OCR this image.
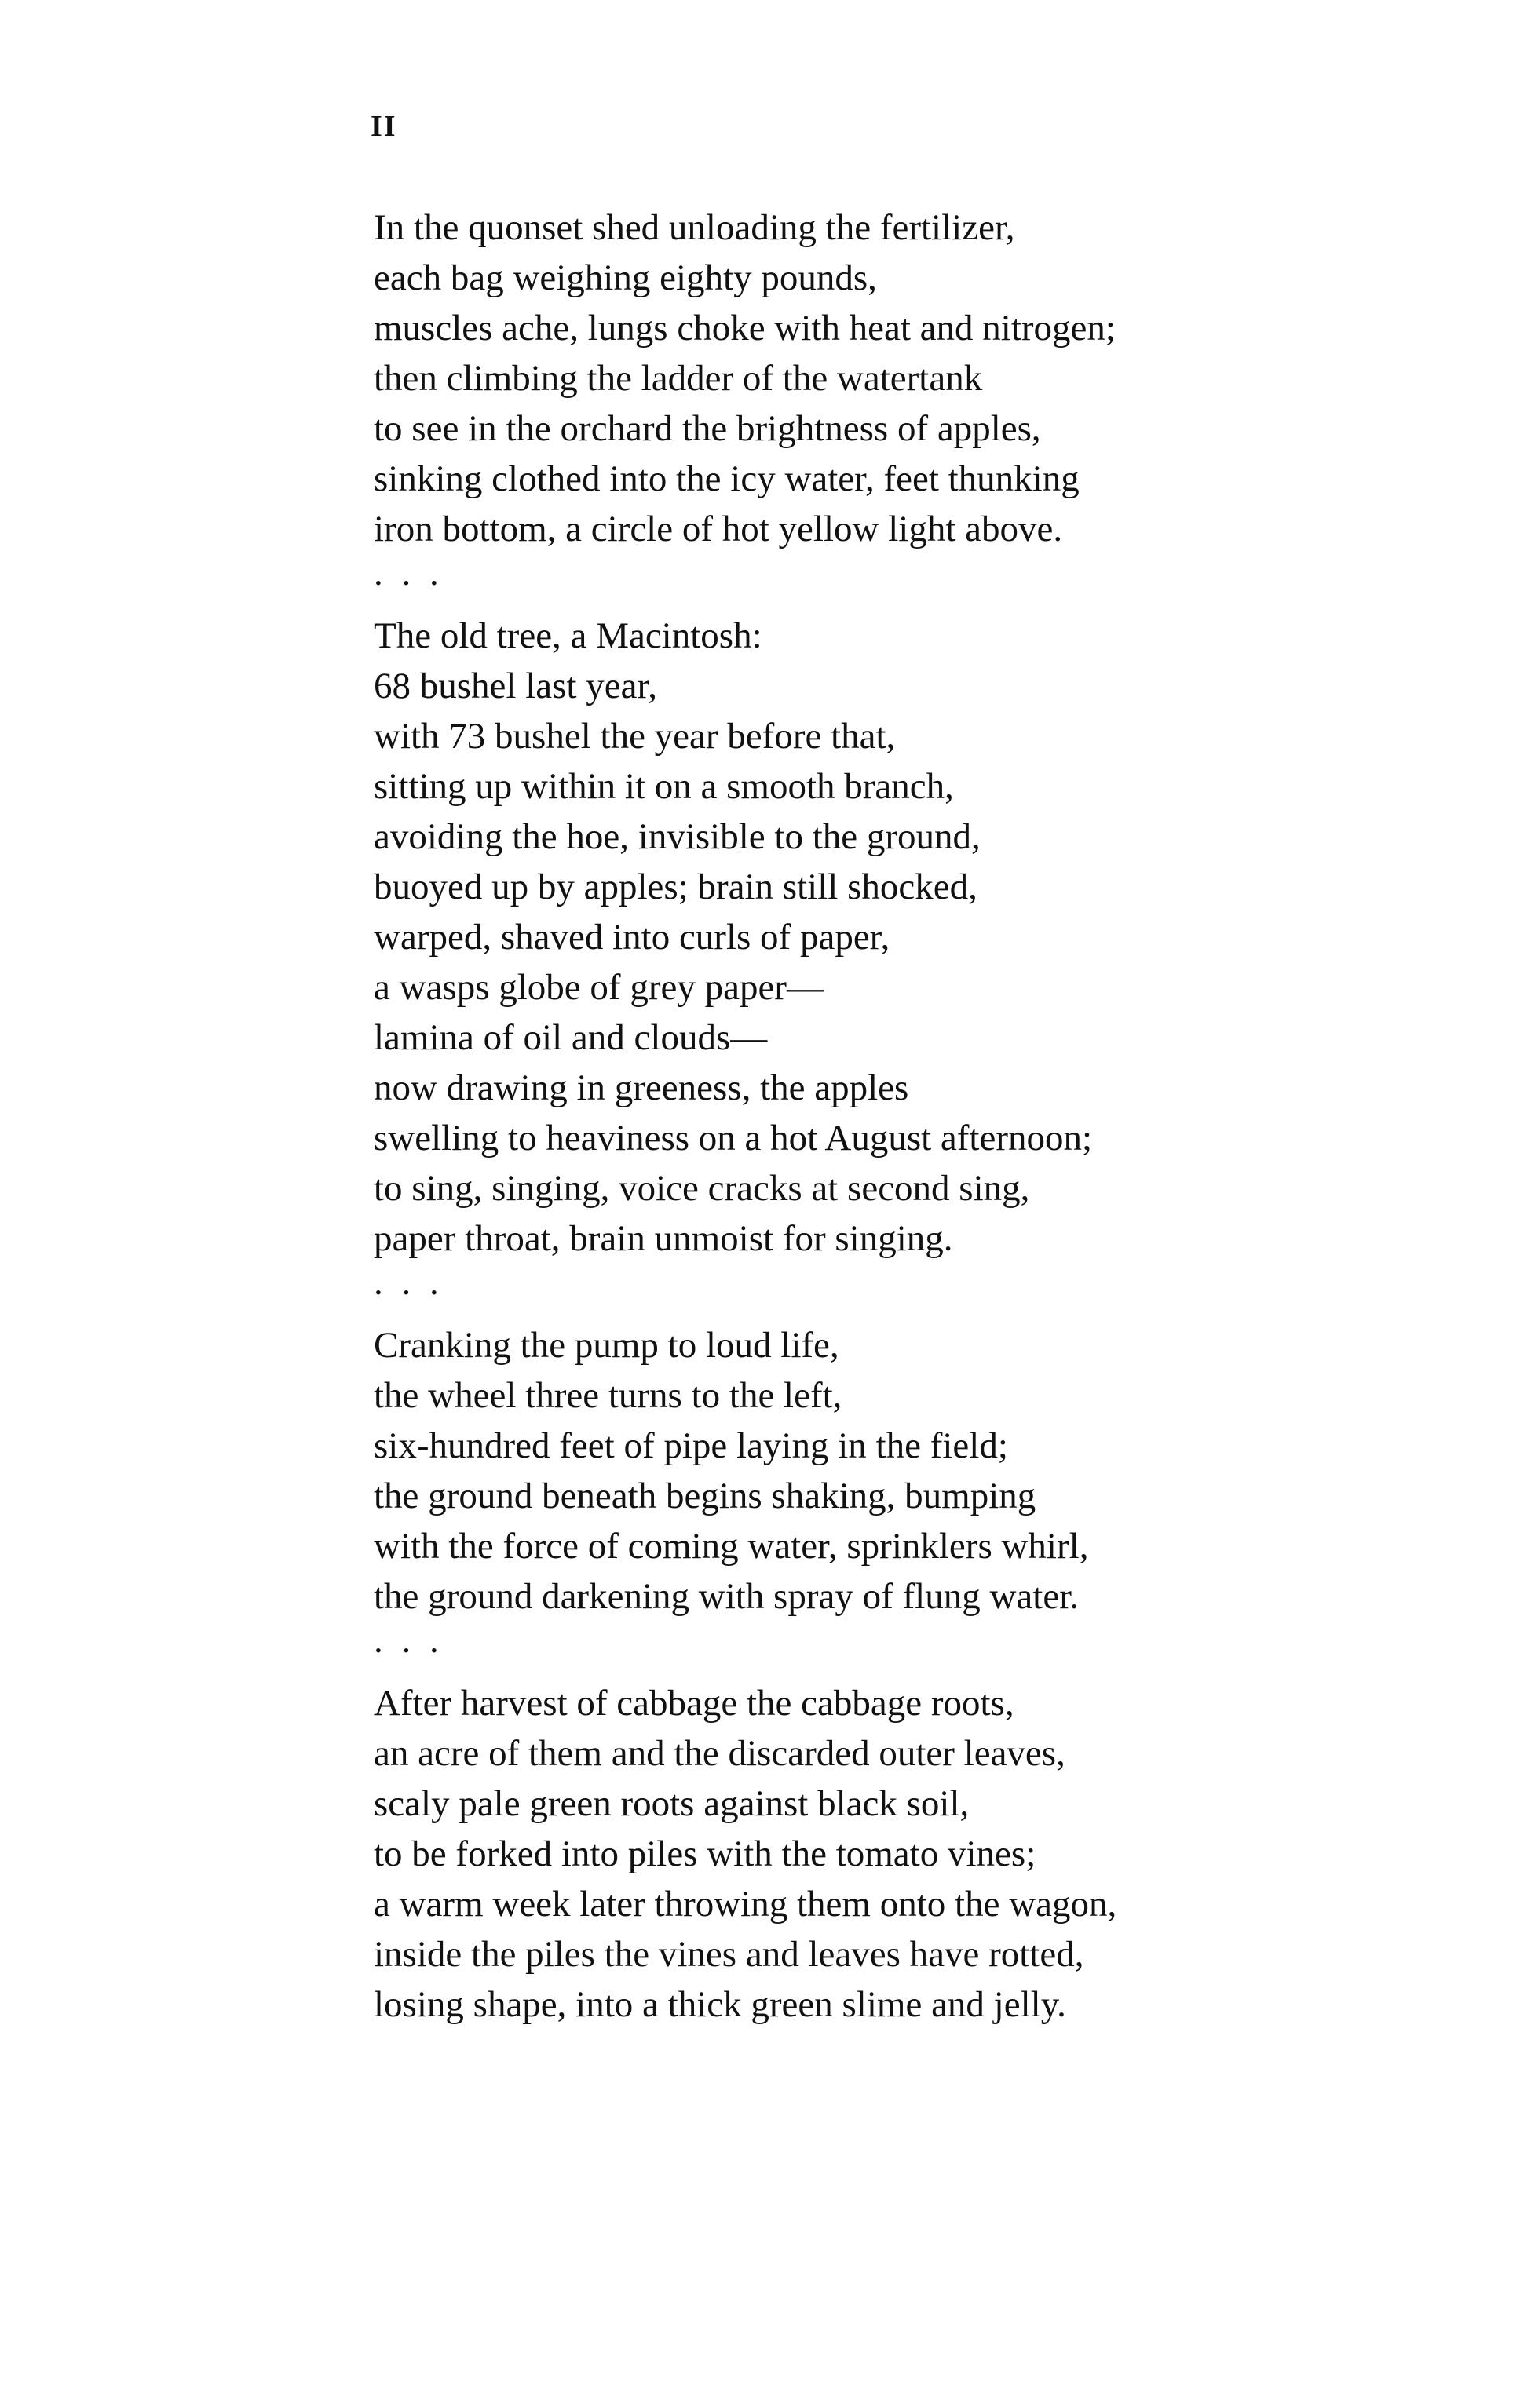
II
In the quonset shed unloading the fertilizer,
each bag weighing eighty pounds,
muscles ache, lungs choke with heat and nitrogen;
then climbing the ladder of the watertank
to see in the orchard the brightness of apples,
sinking clothed into the icy water, feet thunking
iron bottom, a circle of hot yellow light above.
. . .
The old tree, a Macintosh:
68 bushel last year,
with 73 bushel the year before that,
sitting up within it on a smooth branch,
avoiding the hoe, invisible to the ground,
buoyed up by apples; brain still shocked,
warped, shaved into curls of paper,
a wasps globe of grey paper—
lamina of oil and clouds—
now drawing in greeness, the apples
swelling to heaviness on a hot August afternoon;
to sing, singing, voice cracks at second sing,
paper throat, brain unmoist for singing.
. . .
Cranking the pump to loud life,
the wheel three turns to the left,
six-hundred feet of pipe laying in the field;
the ground beneath begins shaking, bumping
with the force of coming water, sprinklers whirl,
the ground darkening with spray of flung water.
. . .
After harvest of cabbage the cabbage roots,
an acre of them and the discarded outer leaves,
scaly pale green roots against black soil,
to be forked into piles with the tomato vines;
a warm week later throwing them onto the wagon,
inside the piles the vines and leaves have rotted,
losing shape, into a thick green slime and jelly.
